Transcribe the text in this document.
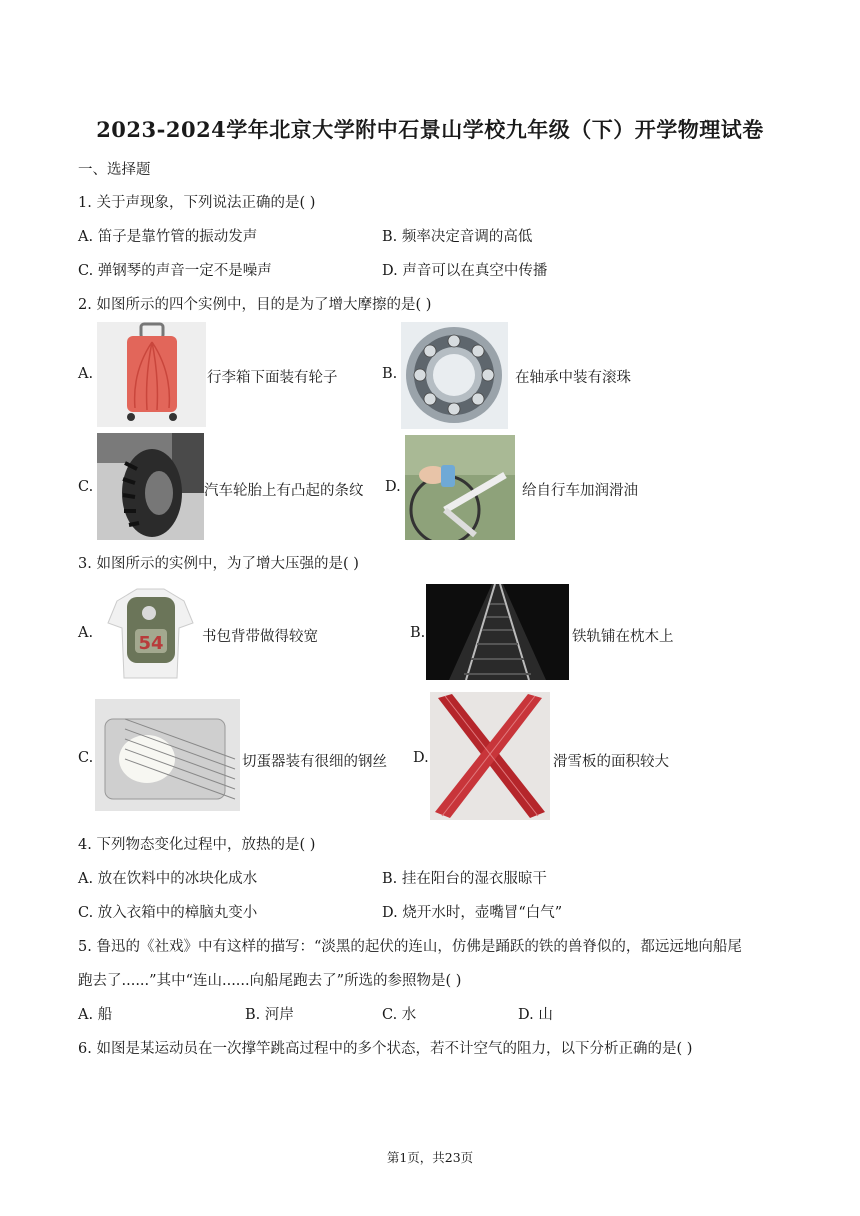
2023-2024学年北京大学附中石景山学校九年级（下）开学物理试卷
一、选择题
1. 关于声现象，下列说法正确的是( )
A. 笛子是靠竹管的振动发声	B. 频率决定音调的高低
C. 弹钢琴的声音一定不是噪声	D. 声音可以在真空中传播
2. 如图所示的四个实例中，目的是为了增大摩擦的是( )
A.	行李箱下面装有轮子	B.	在轴承中装有滚珠
C.	汽车轮胎上有凸起的条纹 D.	给自行车加润滑油
3. 如图所示的实例中，为了增大压强的是( )
A.	54	书包背带做得较宽	B.	铁轨铺在枕木上
C.	切蛋器装有很细的钢丝 D.	滑雪板的面积较大
4. 下列物态变化过程中，放热的是( )
A. 放在饮料中的冰块化成水	B. 挂在阳台的湿衣服晾干
C. 放入衣箱中的樟脑丸变小	D. 烧开水时，壶嘴冒“白气”
5. 鲁迅的《社戏》中有这样的描写：“淡黑的起伏的连山，仿佛是踊跃的铁的兽脊似的，都远远地向船尾
跑去了......”其中“连山......向船尾跑去了”所选的参照物是( )
A. 船	B. 河岸	C. 水	D. 山
6. 如图是某运动员在一次撑竿跳高过程中的多个状态，若不计空气的阻力，以下分析正确的是( )
第1页，共23页
